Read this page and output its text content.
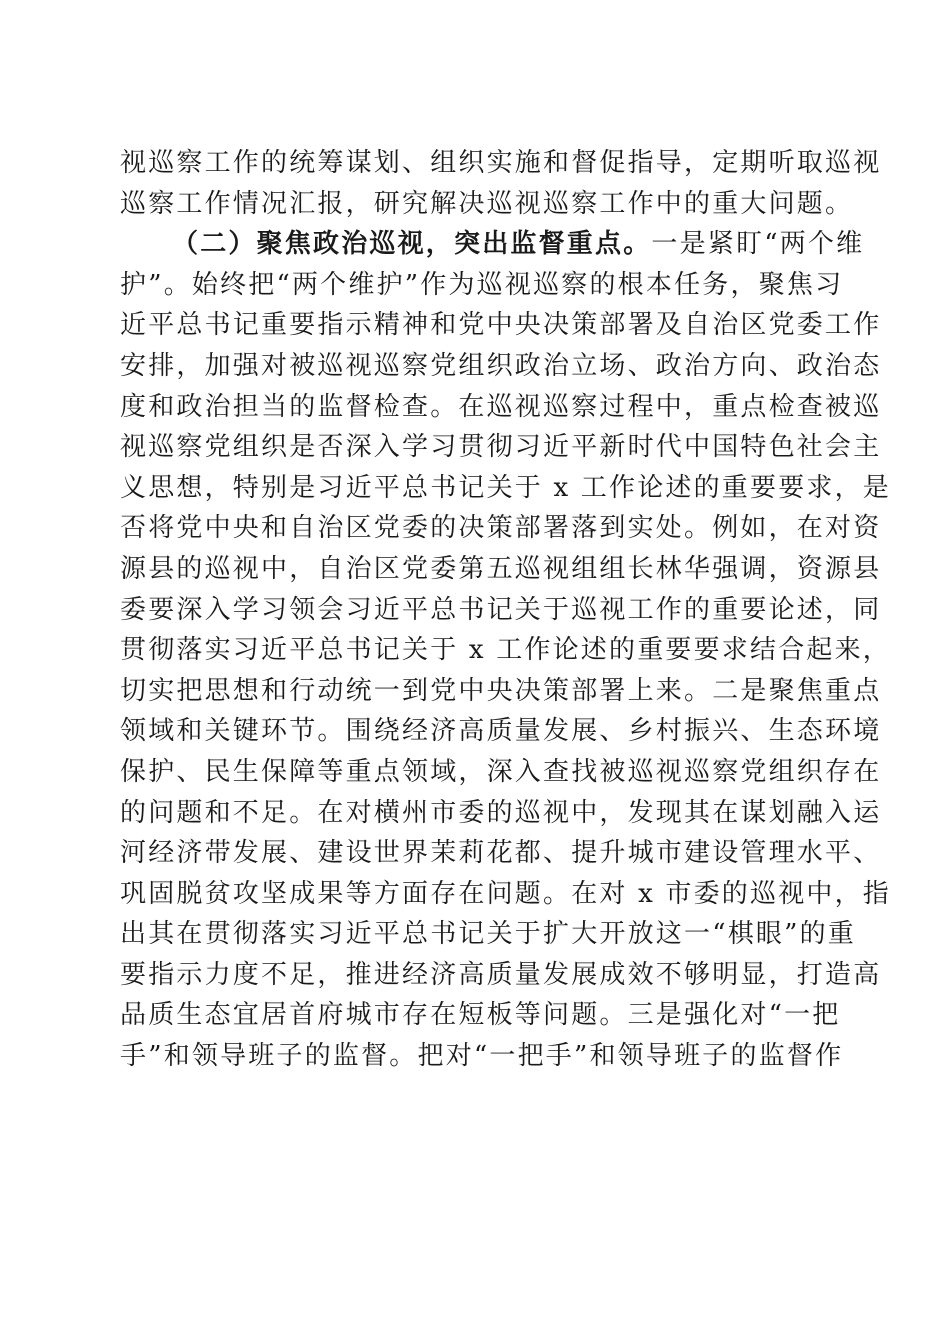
视巡察工作的统筹谋划、组织实施和督促指导，定期听取巡视
巡察工作情况汇报，研究解决巡视巡察工作中的重大问题。
（二）聚焦政治巡视，突出监督重点。一是紧盯“两个维
护”。始终把“两个维护”作为巡视巡察的根本任务，聚焦习
近平总书记重要指示精神和党中央决策部署及自治区党委工作
安排，加强对被巡视巡察党组织政治立场、政治方向、政治态
度和政治担当的监督检查。在巡视巡察过程中，重点检查被巡
视巡察党组织是否深入学习贯彻习近平新时代中国特色社会主
义思想，特别是习近平总书记关于 x 工作论述的重要要求，是
否将党中央和自治区党委的决策部署落到实处。例如，在对资
源县的巡视中，自治区党委第五巡视组组长林华强调，资源县
委要深入学习领会习近平总书记关于巡视工作的重要论述，同
贯彻落实习近平总书记关于 x 工作论述的重要要求结合起来，
切实把思想和行动统一到党中央决策部署上来。二是聚焦重点
领域和关键环节。围绕经济高质量发展、乡村振兴、生态环境
保护、民生保障等重点领域，深入查找被巡视巡察党组织存在
的问题和不足。在对横州市委的巡视中，发现其在谋划融入运
河经济带发展、建设世界茉莉花都、提升城市建设管理水平、
巩固脱贫攻坚成果等方面存在问题。在对 x 市委的巡视中，指
出其在贯彻落实习近平总书记关于扩大开放这一“棋眼”的重
要指示力度不足，推进经济高质量发展成效不够明显，打造高
品质生态宜居首府城市存在短板等问题。三是强化对“一把
手”和领导班子的监督。把对“一把手”和领导班子的监督作
